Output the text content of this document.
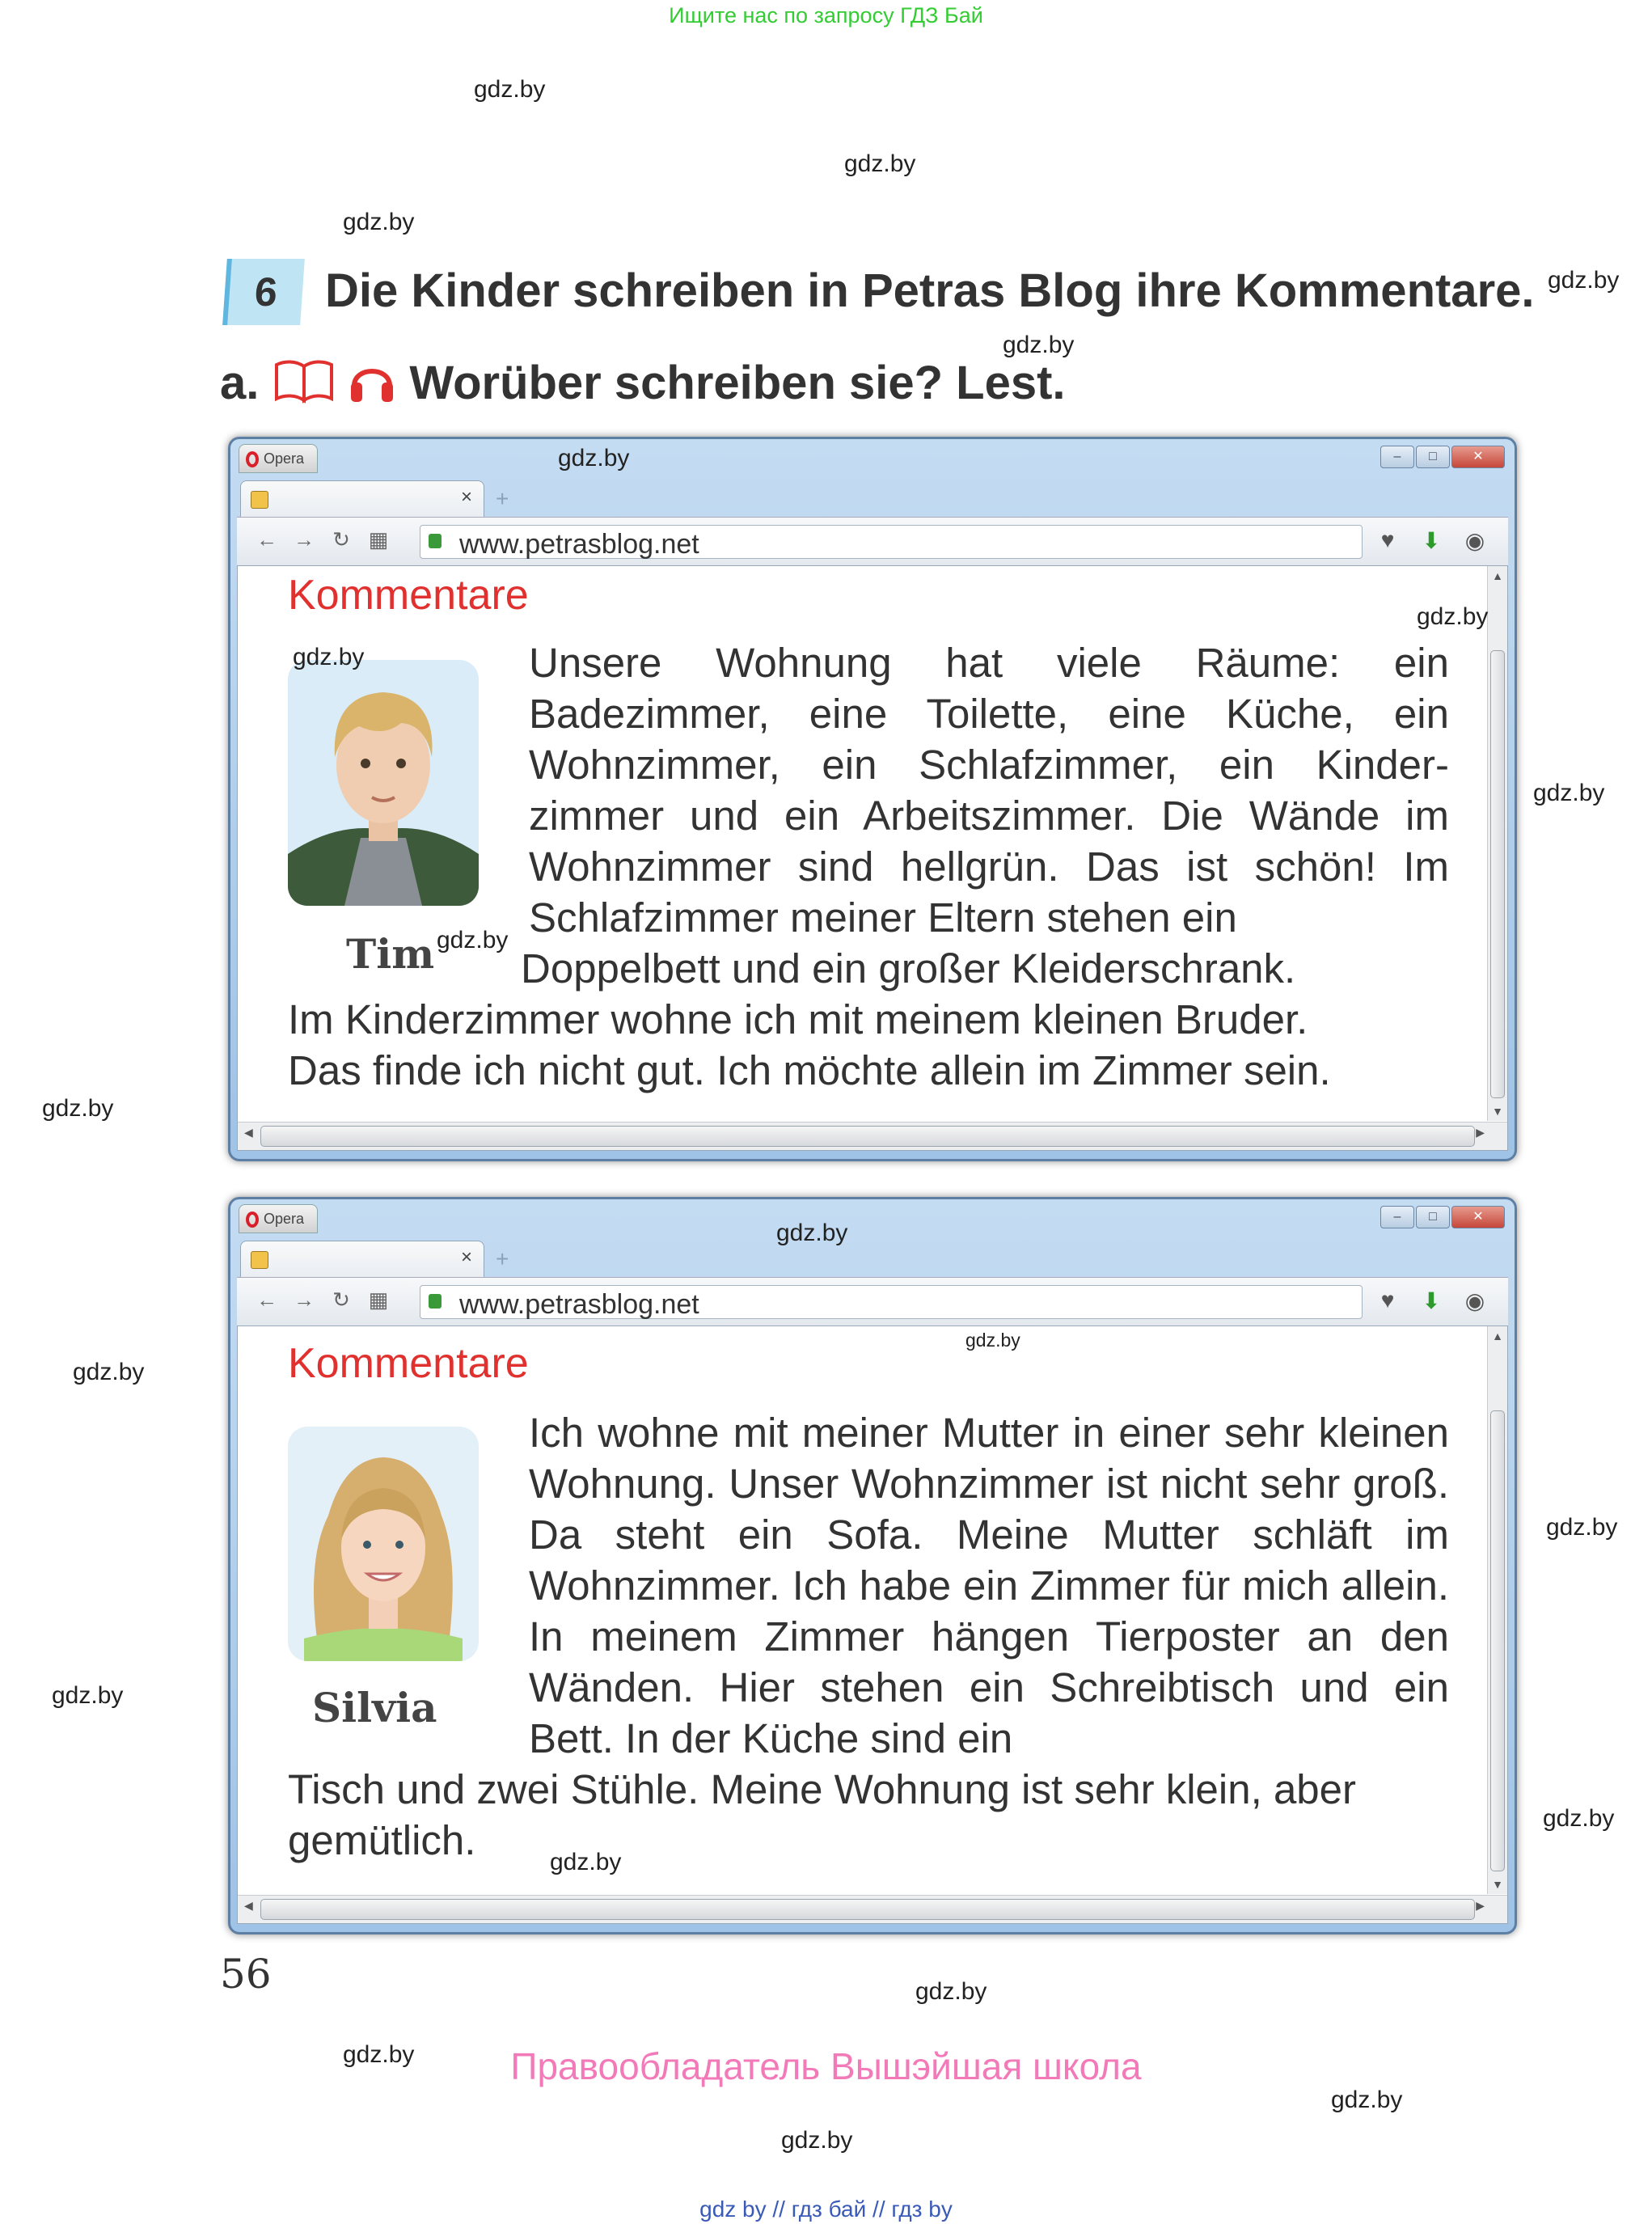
Ищите нас по запросу ГДЗ Бай
gdz.by
gdz.by
gdz.by
gdz.by
gdz.by
gdz.by
gdz.by
gdz.by
gdz.by
gdz.by
gdz.by
gdz.by
6 Die Kinder schreiben in Petras Blog ihre Kommentare.
a.	Worüber schreiben sie? Lest.
Opera	–	□	✕
× +
← → ↻ ▦	www.petrasblog.net	♥	⬇	◉
▲
▼
◀	▶
Kommentare
Tim
Unsere Wohnung hat viele Räume: ein Badezimmer, eine Toilette, eine Küche, ein Wohnzimmer, ein Schlafzimmer, ein Kinderzimmer und ein Arbeitszimmer. Die Wände im Wohnzimmer sind hellgrün. Das ist schön! Im Schlafzimmer meiner Eltern stehen ein
Doppelbett und ein großer Kleiderschrank.
Im Kinderzimmer wohne ich mit meinem kleinen Bruder.
Das finde ich nicht gut. Ich möchte allein im Zimmer sein.
Opera	–	□	✕
× +
← → ↻ ▦	www.petrasblog.net	♥	⬇	◉
▲
▼
◀	▶
Kommentare
Silvia
Ich wohne mit meiner Mutter in einer sehr kleinen Wohnung. Unser Wohnzimmer ist nicht sehr groß. Da steht ein Sofa. Meine Mutter schläft im Wohnzimmer. Ich habe ein Zimmer für mich allein. In meinem Zimmer hängen Tierposter an den Wänden. Hier stehen ein Schreibtisch und ein Bett. In der Küche sind ein
Tisch und zwei Stühle. Meine Wohnung ist sehr klein, aber
gemütlich.
gdz.by
gdz.by
gdz.by
gdz.by
gdz.by
gdz.by
gdz.by
gdz.by
gdz.by
gdz.by
56
Правообладатель Вышэйшая школа
gdz by // гдз бай // гдз by
